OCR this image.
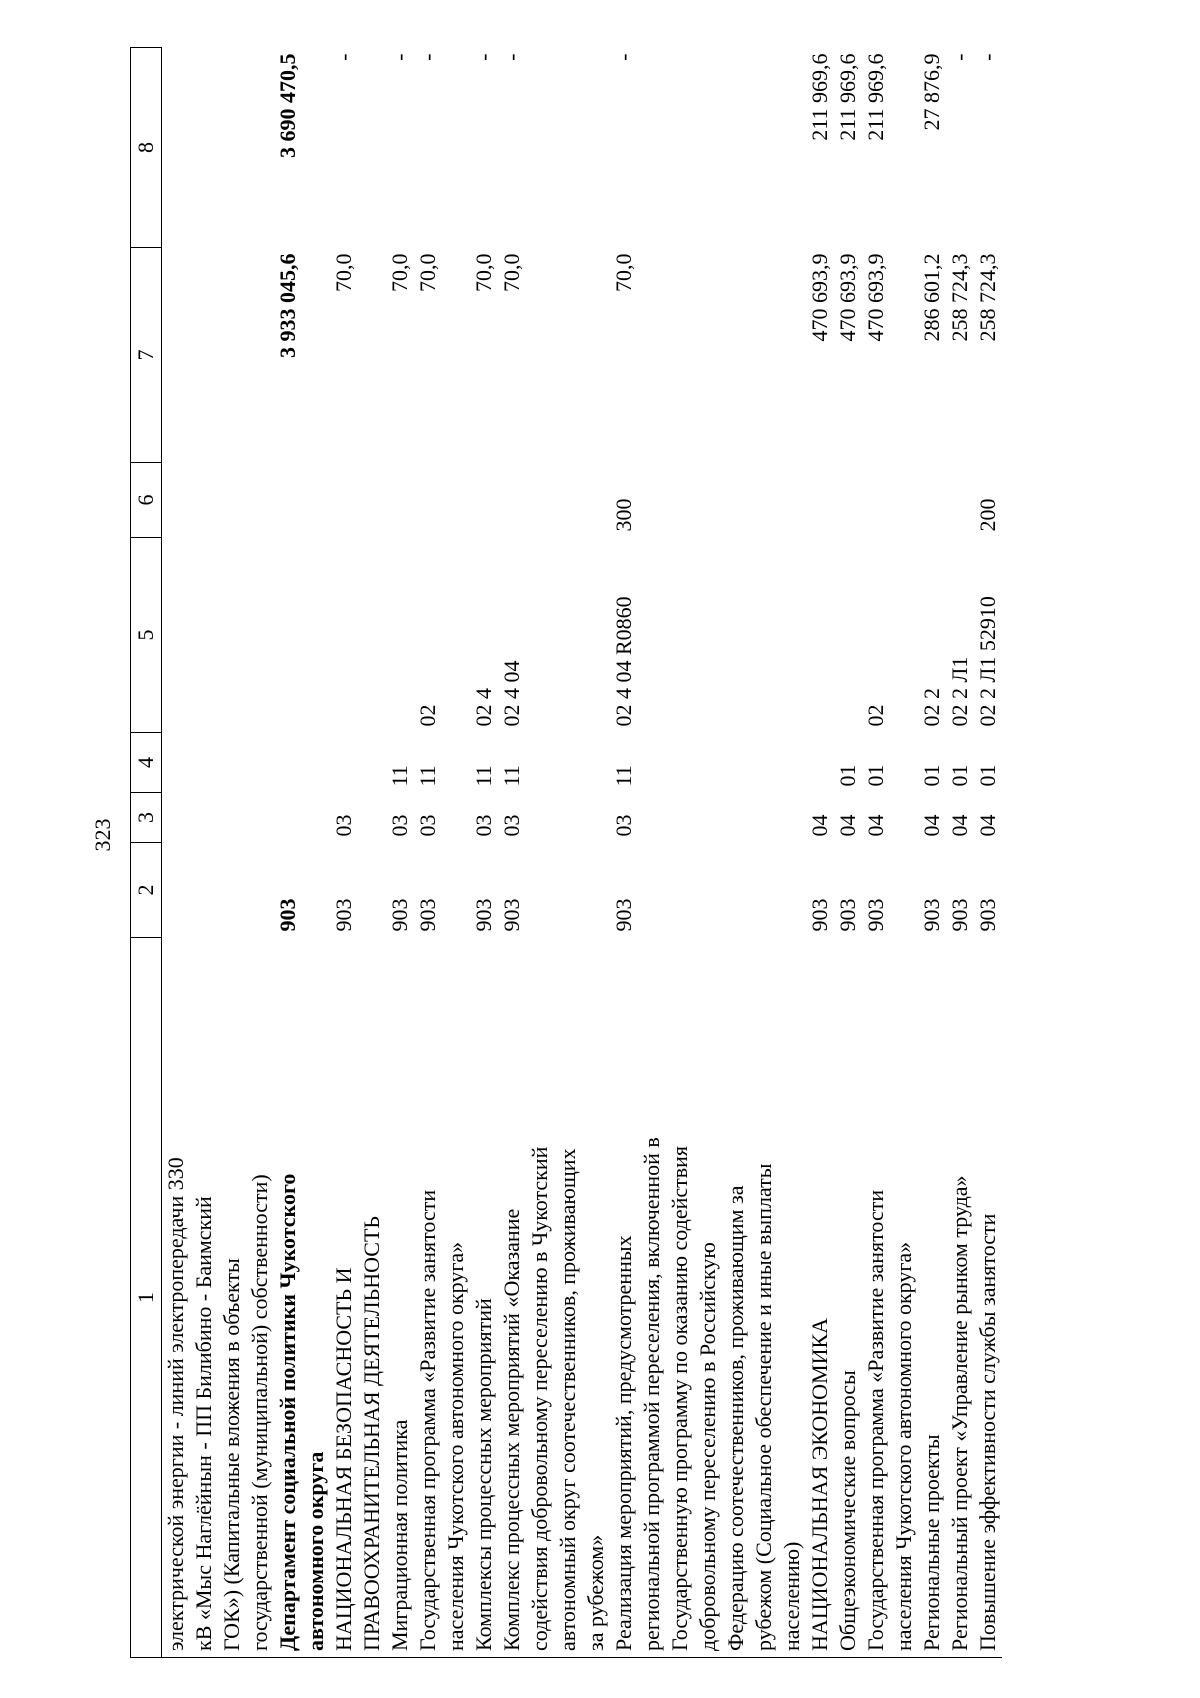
323
1	2	3	4	5	6	7	8
электрической энергии - линий электропередачи 330							
кВ «Мыс Наглёйнын - ПП Билибино - Баимский							
ГОК») (Капитальные вложения в объекты							
государственной (муниципальной) собственности)							
Департамент социальной политики Чукотского	903					3 933 045,6	3 690 470,5
автономного округа							
НАЦИОНАЛЬНАЯ БЕЗОПАСНОСТЬ И	903	03				70,0	-
ПРАВООХРАНИТЕЛЬНАЯ ДЕЯТЕЛЬНОСТЬ							
Миграционная политика	903	03	11			70,0	-
Государственная программа «Развитие занятости	903	03	11	02		70,0	-
населения Чукотского автономного округа»							
Комплексы процессных мероприятий	903	03	11	02 4		70,0	-
Комплекс процессных мероприятий «Оказание	903	03	11	02 4 04		70,0	-
содействия добровольному переселению в Чукотский							
автономный округ соотечественников, проживающих							
за рубежом»							
Реализация мероприятий, предусмотренных	903	03	11	02 4 04 R0860	300	70,0	-
региональной программой переселения, включенной в							
Государственную программу по оказанию содействия							
добровольному переселению в Российскую							
Федерацию соотечественников, проживающим за							
рубежом (Социальное обеспечение и иные выплаты							
населению)							
НАЦИОНАЛЬНАЯ ЭКОНОМИКА	903	04				470 693,9	211 969,6
Общеэкономические вопросы	903	04	01			470 693,9	211 969,6
Государственная программа «Развитие занятости	903	04	01	02		470 693,9	211 969,6
населения Чукотского автономного округа»							
Региональные проекты	903	04	01	02 2		286 601,2	27 876,9
Региональный проект «Управление рынком труда»	903	04	01	02 2 Л1		258 724,3	-
Повышение эффективности службы занятости	903	04	01	02 2 Л1 52910	200	258 724,3	-
